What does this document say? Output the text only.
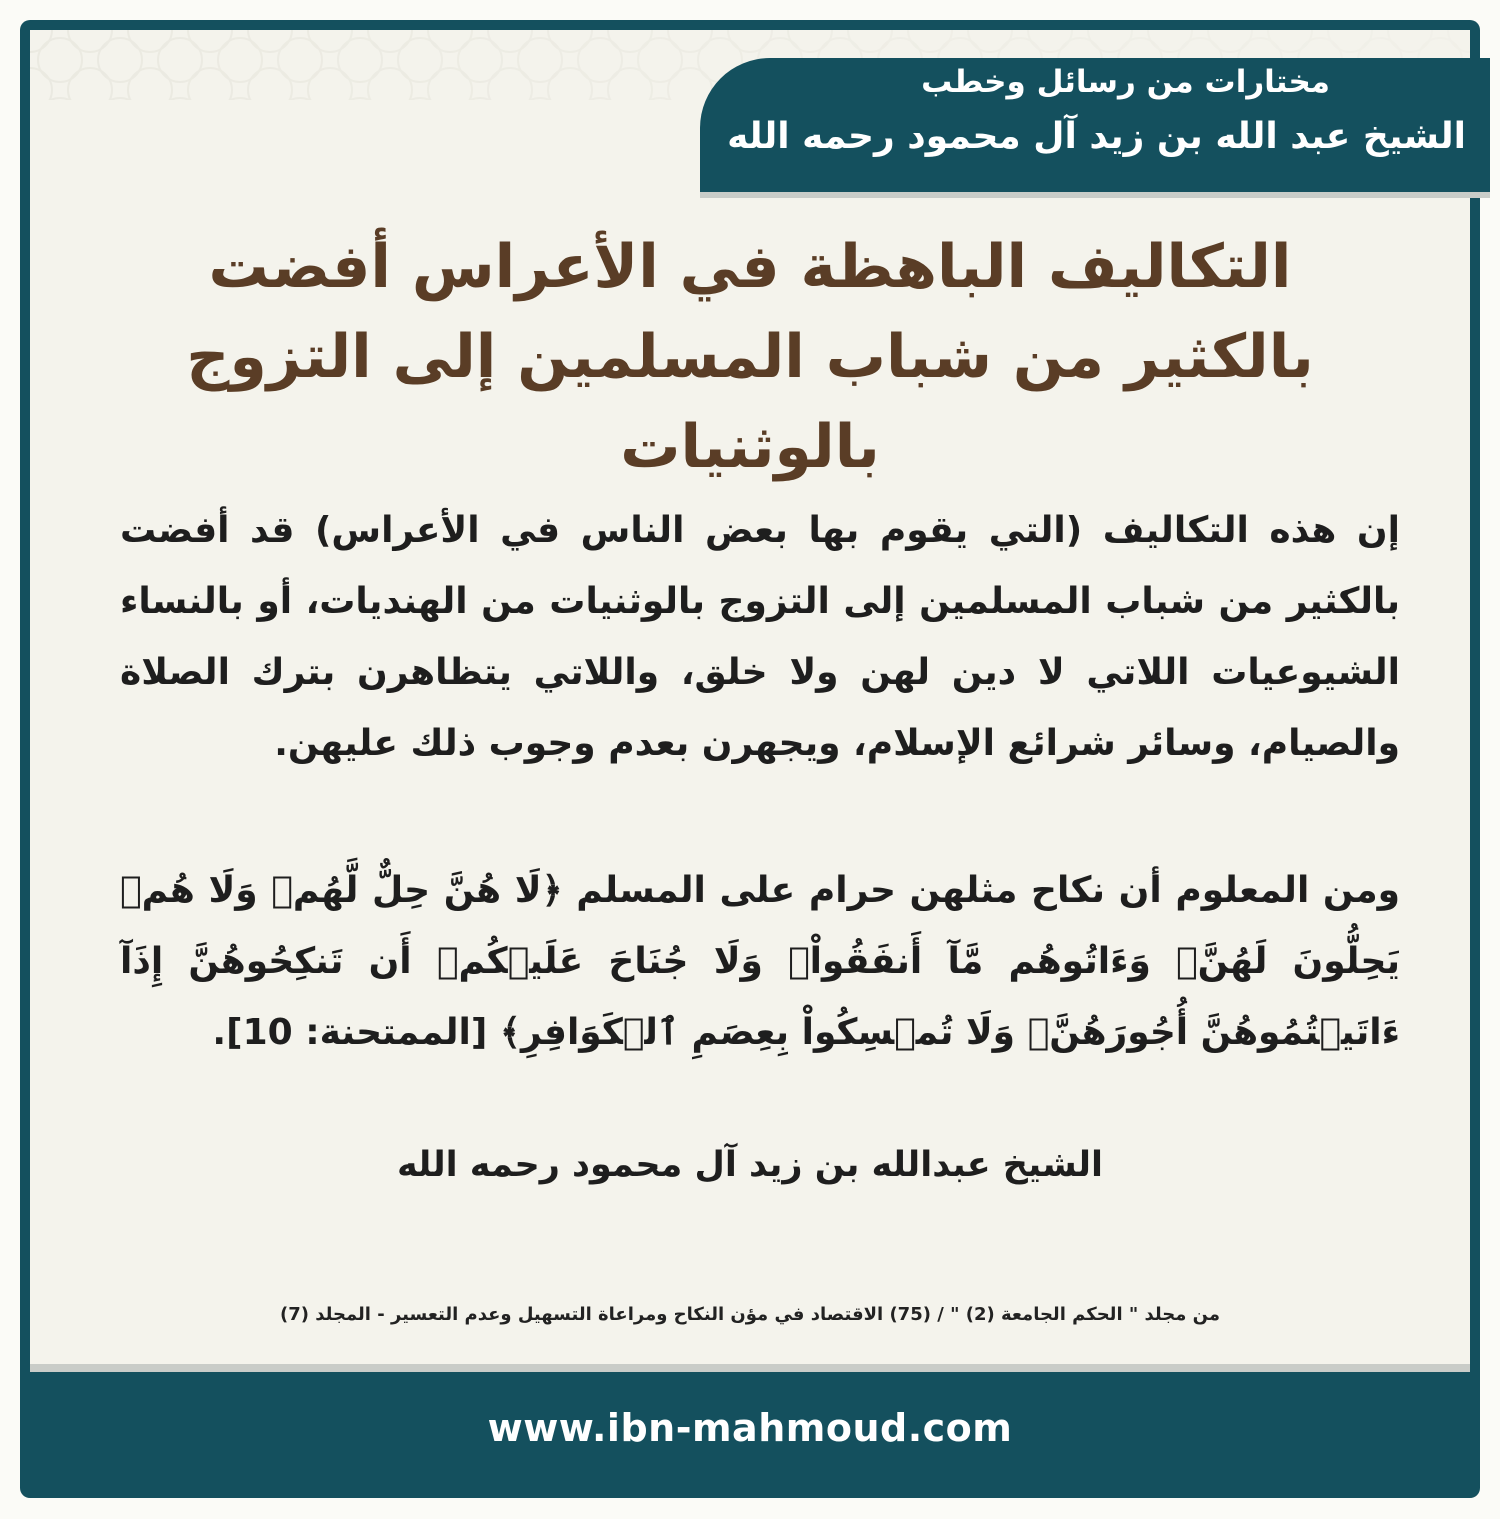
مختارات من رسائل وخطب
الشيخ عبد الله بن زيد آل محمود رحمه الله
التكاليف الباهظة في الأعراس أفضت بالكثير من شباب المسلمين إلى التزوج بالوثنيات
إن هذه التكاليف (التي يقوم بها بعض الناس في الأعراس) قد أفضت بالكثير من شباب المسلمين إلى التزوج بالوثنيات من الهنديات، أو بالنساء الشيوعيات اللاتي لا دين لهن ولا خلق، واللاتي يتظاهرن بترك الصلاة والصيام، وسائر شرائع الإسلام، ويجهرن بعدم وجوب ذلك عليهن.
ومن المعلوم أن نكاح مثلهن حرام على المسلم ﴿لَا هُنَّ حِلٌّ لَّهُمۡ وَلَا هُمۡ يَحِلُّونَ لَهُنَّۖ وَءَاتُوهُم مَّآ أَنفَقُواْۚ وَلَا جُنَاحَ عَلَيۡكُمۡ أَن تَنكِحُوهُنَّ إِذَآ ءَاتَيۡتُمُوهُنَّ أُجُورَهُنَّۚ وَلَا تُمۡسِكُواْ بِعِصَمِ ٱلۡكَوَافِرِ﴾ [الممتحنة: 10].
الشيخ عبدالله بن زيد آل محمود رحمه الله
من مجلد " الحكم الجامعة (2) " / (75) الاقتصاد في مؤن النكاح ومراعاة التسهيل وعدم التعسير - المجلد (7)
www.ibn-mahmoud.com
